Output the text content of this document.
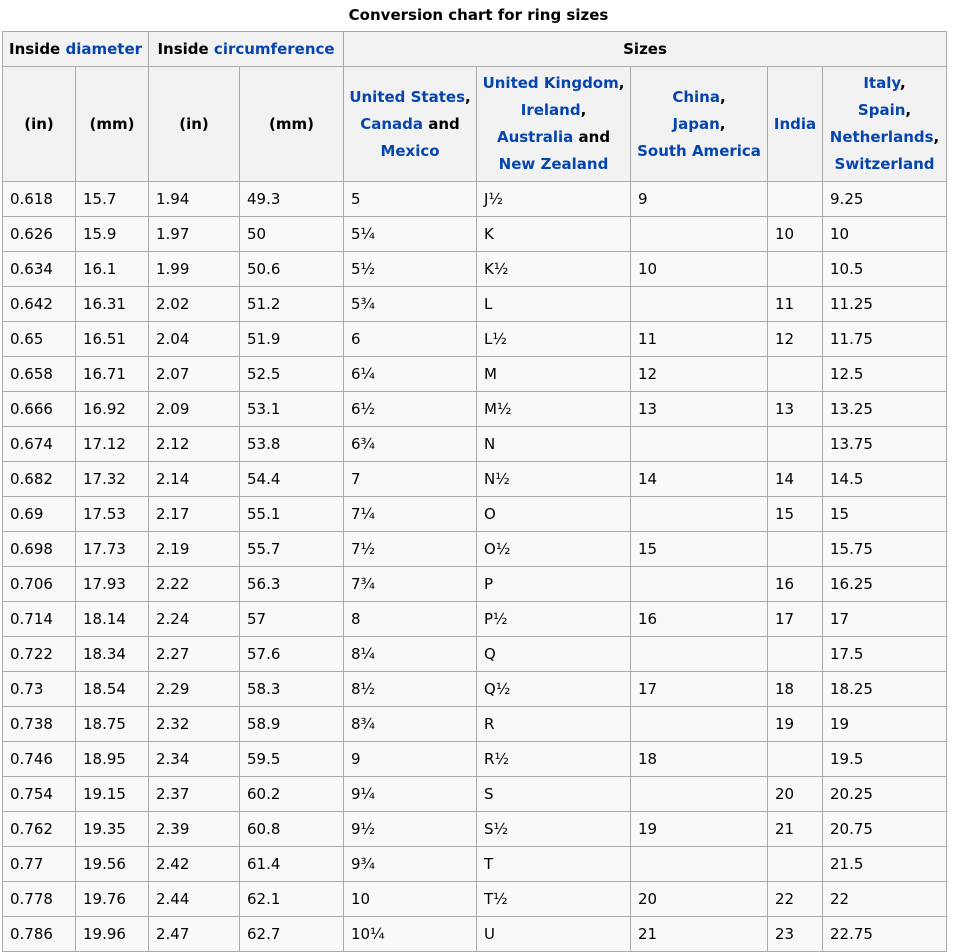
Conversion chart for ring sizes
Inside diameter		Inside circumference		Sizes				
(in)	(mm)	(in)	(mm)	United States,
Canada and
Mexico	United Kingdom,
Ireland,
Australia and
New Zealand	China,
Japan,
South America	India	Italy,
Spain,
Netherlands,
Switzerland
0.618	15.7	1.94	49.3	5	J½	9		9.25
0.626	15.9	1.97	50	5¼	K		10	10
0.634	16.1	1.99	50.6	5½	K½	10		10.5
0.642	16.31	2.02	51.2	5¾	L		11	11.25
0.65	16.51	2.04	51.9	6	L½	11	12	11.75
0.658	16.71	2.07	52.5	6¼	M	12		12.5
0.666	16.92	2.09	53.1	6½	M½	13	13	13.25
0.674	17.12	2.12	53.8	6¾	N			13.75
0.682	17.32	2.14	54.4	7	N½	14	14	14.5
0.69	17.53	2.17	55.1	7¼	O		15	15
0.698	17.73	2.19	55.7	7½	O½	15		15.75
0.706	17.93	2.22	56.3	7¾	P		16	16.25
0.714	18.14	2.24	57	8	P½	16	17	17
0.722	18.34	2.27	57.6	8¼	Q			17.5
0.73	18.54	2.29	58.3	8½	Q½	17	18	18.25
0.738	18.75	2.32	58.9	8¾	R		19	19
0.746	18.95	2.34	59.5	9	R½	18		19.5
0.754	19.15	2.37	60.2	9¼	S		20	20.25
0.762	19.35	2.39	60.8	9½	S½	19	21	20.75
0.77	19.56	2.42	61.4	9¾	T			21.5
0.778	19.76	2.44	62.1	10	T½	20	22	22
0.786	19.96	2.47	62.7	10¼	U	21	23	22.75
